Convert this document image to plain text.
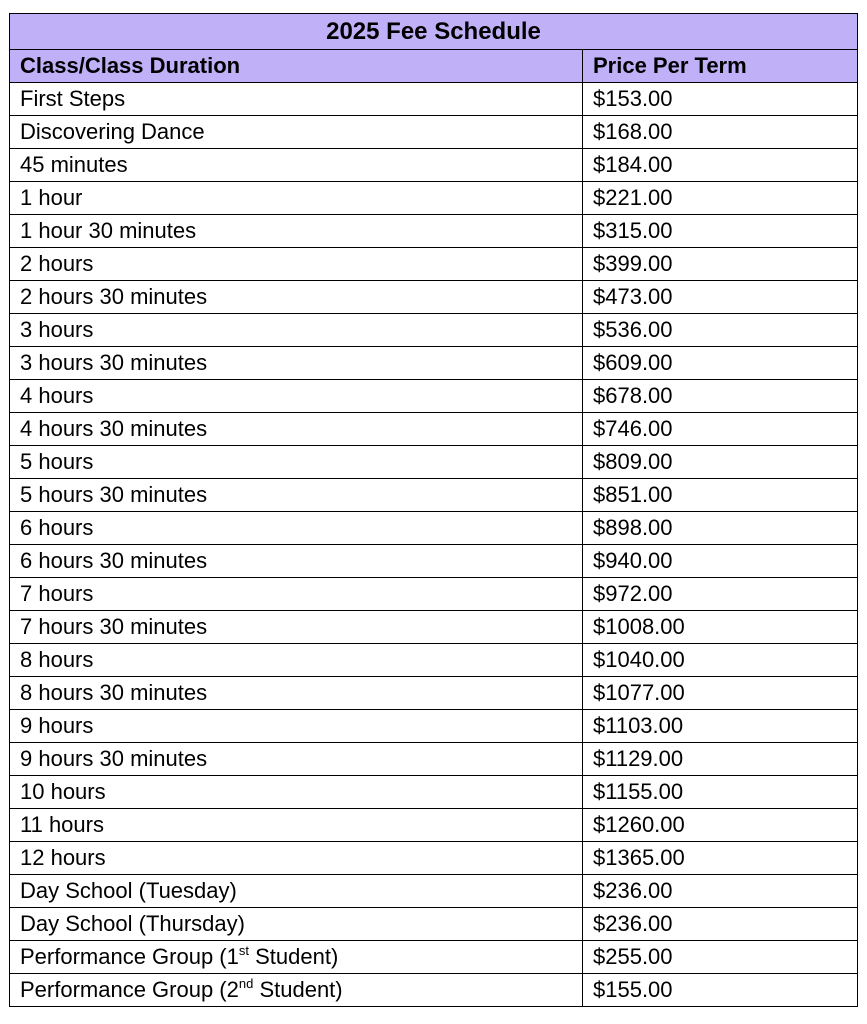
2025 Fee Schedule	
Class/Class Duration	Price Per Term
First Steps	$153.00
Discovering Dance	$168.00
45 minutes	$184.00
1 hour	$221.00
1 hour 30 minutes	$315.00
2 hours	$399.00
2 hours 30 minutes	$473.00
3 hours	$536.00
3 hours 30 minutes	$609.00
4 hours	$678.00
4 hours 30 minutes	$746.00
5 hours	$809.00
5 hours 30 minutes	$851.00
6 hours	$898.00
6 hours 30 minutes	$940.00
7 hours	$972.00
7 hours 30 minutes	$1008.00
8 hours	$1040.00
8 hours 30 minutes	$1077.00
9 hours	$1103.00
9 hours 30 minutes	$1129.00
10 hours	$1155.00
11 hours	$1260.00
12 hours	$1365.00
Day School (Tuesday)	$236.00
Day School (Thursday)	$236.00
Performance Group (1st Student)	$255.00
Performance Group (2nd Student)	$155.00
